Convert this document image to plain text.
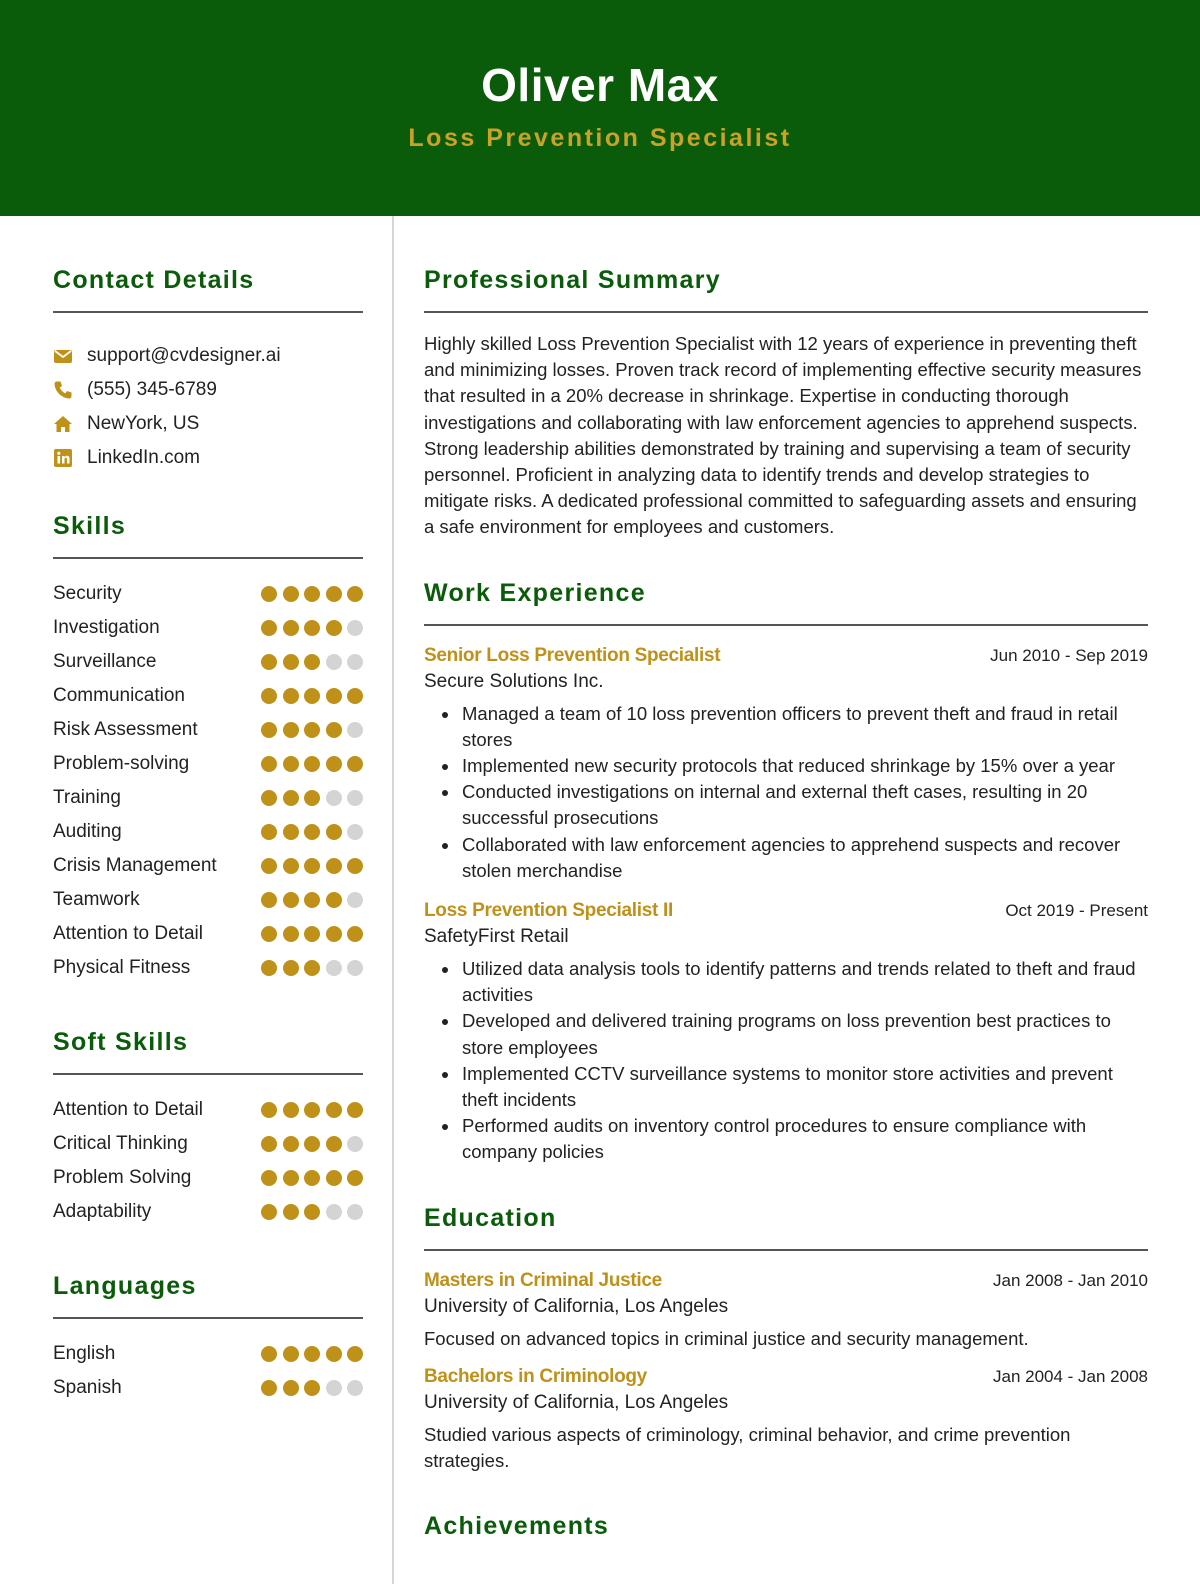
Oliver Max
Loss Prevention Specialist
Contact Details
support@cvdesigner.ai
(555) 345-6789
NewYork, US
LinkedIn.com
Skills
Security
Investigation
Surveillance
Communication
Risk Assessment
Problem-solving
Training
Auditing
Crisis Management
Teamwork
Attention to Detail
Physical Fitness
Soft Skills
Attention to Detail
Critical Thinking
Problem Solving
Adaptability
Languages
English
Spanish
Professional Summary
Highly skilled Loss Prevention Specialist with 12 years of experience in preventing theft and minimizing losses. Proven track record of implementing effective security measures that resulted in a 20% decrease in shrinkage. Expertise in conducting thorough investigations and collaborating with law enforcement agencies to apprehend suspects. Strong leadership abilities demonstrated by training and supervising a team of security personnel. Proficient in analyzing data to identify trends and develop strategies to mitigate risks. A dedicated professional committed to safeguarding assets and ensuring a safe environment for employees and customers.
Work Experience
Senior Loss Prevention Specialist	Jun 2010 - Sep 2019
Secure Solutions Inc.
Managed a team of 10 loss prevention officers to prevent theft and fraud in retail stores
Implemented new security protocols that reduced shrinkage by 15% over a year
Conducted investigations on internal and external theft cases, resulting in 20 successful prosecutions
Collaborated with law enforcement agencies to apprehend suspects and recover stolen merchandise
Loss Prevention Specialist II	Oct 2019 - Present
SafetyFirst Retail
Utilized data analysis tools to identify patterns and trends related to theft and fraud activities
Developed and delivered training programs on loss prevention best practices to store employees
Implemented CCTV surveillance systems to monitor store activities and prevent theft incidents
Performed audits on inventory control procedures to ensure compliance with company policies
Education
Masters in Criminal Justice	Jan 2008 - Jan 2010
University of California, Los Angeles
Focused on advanced topics in criminal justice and security management.
Bachelors in Criminology	Jan 2004 - Jan 2008
University of California, Los Angeles
Studied various aspects of criminology, criminal behavior, and crime prevention strategies.
Achievements
